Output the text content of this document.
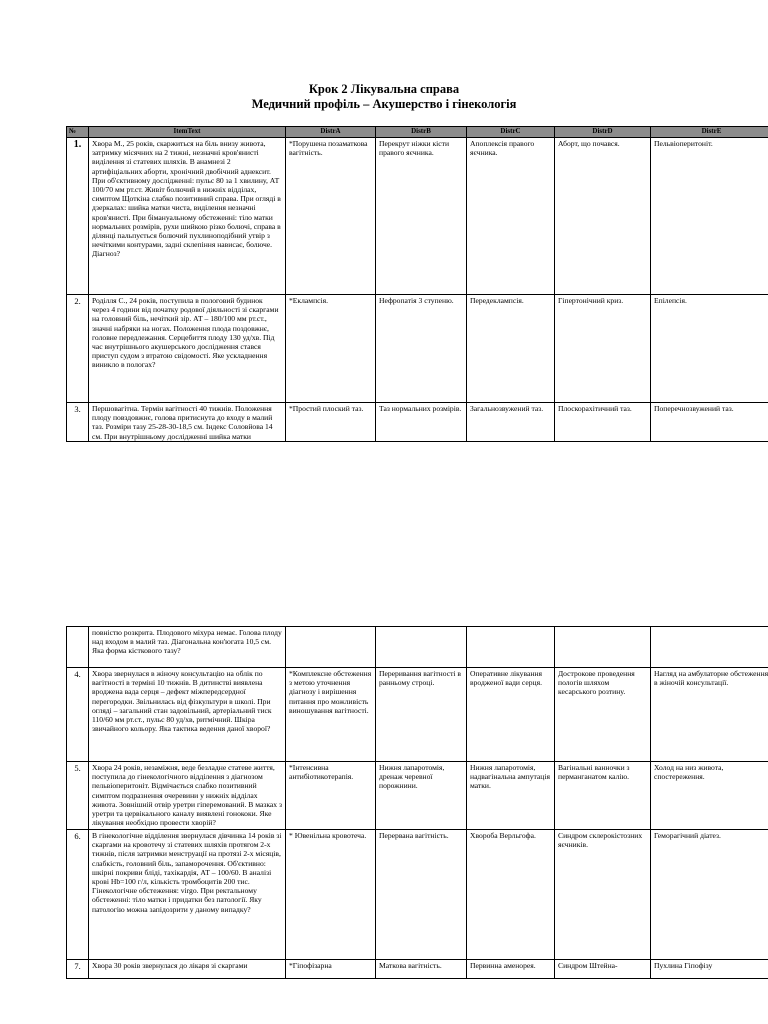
Крок 2 Лікувальна справа
Медичний профіль – Акушерство і гінекологія
№	ItemText	DistrA	DistrB	DistrC	DistrD	DistrE
1.	Хвора М., 25 років, скаржиться на біль внизу живота, затримку місячних на 2 тижні, незначні кров'янисті виділення зі статевих шляхів. В анамнезі 2 артифіціальних аборти, хронічний двобічний аднексит. При об'єктивному дослідженні: пульс 80 за 1 хвилину, АТ 100/70 мм рт.ст. Живіт болючий в нижніх відділах, симптом Щоткіна слабко позитивний справа. При огляді в дзеркалах: шийка матки чиста, виділення незначні кров'янисті. При бімануальному обстеженні: тіло матки нормальних розмірів, рухи шийкою різко болючі, справа в ділянці пальпується болючий пухлиноподібний утвір з нечіткими контурами, задні склепіння нависає, болюче. Діагноз?	*Порушена позаматкова вагітність.	Перекрут ніжки кісти правого яєчника.	Апоплексія правого яєчника.	Аборт, що почався.	Пельвіоперитоніт.
2.	Роділля С., 24 років, поступила в пологовий будинок через 4 години від початку родової діяльності зі скаргами на головний біль, нечіткий зір. АТ – 180/100 мм рт.ст., значні набряки на ногах. Положення плода поздовжнє, головне передлежання. Серцебиття плоду 130 уд/хв. Під час внутрішнього акушерського дослідження стався приступ судом з втратою свідомості. Яке ускладнення виникло в пологах?	*Еклампсія.	Нефропатія 3 ступеню.	Передеклампсія.	Гіпертонічний криз.	Епілепсія.
3.	Першовагітна. Термін вагітності 40 тижнів. Положення плоду повздовжнє, голова притиснута до входу в малий таз. Розміри тазу 25-28-30-18,5 см. Індекс Соловйова 14 см. При внутрішньому дослідженні шийка матки	*Простий плоский таз.	Таз нормальних розмірів.	Загальнозвужений таз.	Плоскорахітичний таз.	Поперечнозвужений таз.
	повністю розкрита. Плодового міхура немає. Голова плоду над входом в малий таз. Діагональна кон'югата 10,5 см. Яка форма кісткового тазу?					
4.	Хвора звернулася в жіночу консультацію на облік по вагітності в терміні 10 тижнів. В дитинстві виявлена вроджена вада серця – дефект міжпередсердної перегородки. Звільнилась від фізкультури в школі. При огляді – загальний стан задовільний, артеріальний тиск 110/60 мм рт.ст., пульс 80 уд/хв, ритмічний. Шкіра звичайного кольору. Яка тактика ведення даної хворої?	*Комплексне обстеження з метою уточнення діагнозу і вирішення питання про можливість виношування вагітності.	Переривання вагітності в ранньому строці.	Оперативне лікування вродженої вади серця.	Дострокове проведення пологів шляхом кесарського розтину.	Нагляд на амбулаторне обстеження в жіночій консультації.
5.	Хвора 24 років, незаміжня, веде безладне статеве життя, поступила до гінекологічного відділення з діагнозом пельвіоперитоніт. Відмічається слабко позитивний симптом подразнення очеревини у нижніх відділах живота. Зовнішній отвір уретри гіперемований. В мазках з уретри та цервікального каналу виявлені гонококи. Яке лікування необхідно провести хворій?	*Інтенсивна антибіотикотерапія.	Нижня лапаротомія, дренаж черевної порожнини.	Нижня лапаротомія, надвагінальна ампутація матки.	Вагінальні ванночки з перманганатом калію.	Холод на низ живота, спостереження.
6.	В гінекологічне відділення звернулася дівчинка 14 років зі скаргами на кровотечу зі статевих шляхів протягом 2-х тижнів, після затримки менструації на протязі 2-х місяців, слабкість, головний біль, запаморочення. Об'єктивно: шкірні покриви бліді, тахікардія, АТ – 100/60. В аналізі крові Hb=100 г/л, кількість тромбоцитів 200 тис. Гінекологічне обстеження: virgo. При ректальному обстеженні: тіло матки і придатки без патології. Яку патологію можна запідозрити у даному випадку?	* Ювенільна кровотеча.	Перервана вагітність.	Хвороба Верльгофа.	Синдром склерокістозних яєчників.	Геморагічний діатез.
7.	Хвора 30 років звернулася до лікаря зі скаргами	*Гіпофізарна	Маткова вагітність.	Первинна аменорея.	Синдром Штейна-	Пухлина Гіпофізу
